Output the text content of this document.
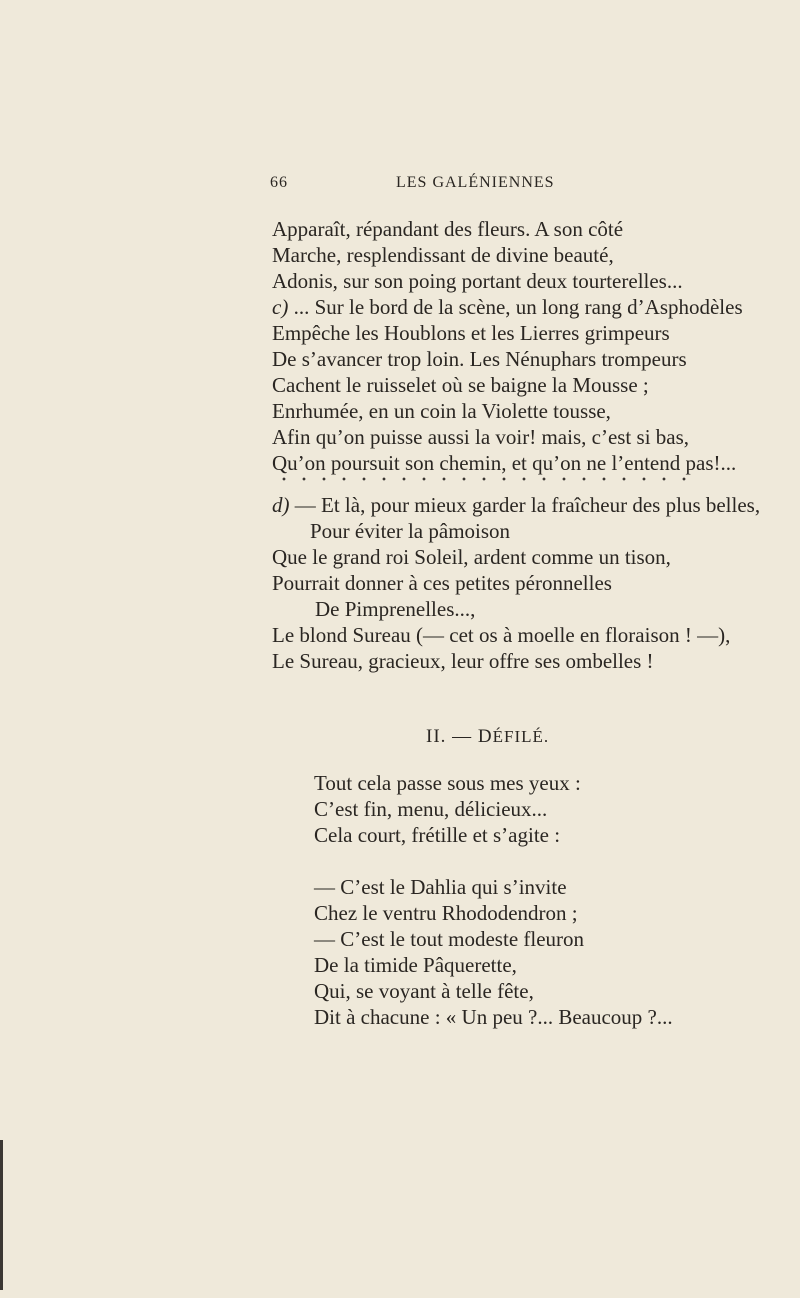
66	LES GALÉNIENNES
Apparaît, répandant des fleurs. A son côté
Marche, resplendissant de divine beauté,
Adonis, sur son poing portant deux tourterelles...
c) ... Sur le bord de la scène, un long rang d’Asphodèles
Empêche les Houblons et les Lierres grimpeurs
De s’avancer trop loin. Les Nénuphars trompeurs
Cachent le ruisselet où se baigne la Mousse ;
Enrhumée, en un coin la Violette tousse,
Afin qu’on puisse aussi la voir! mais, c’est si bas,
Qu’on poursuit son chemin, et qu’on ne l’entend pas!...
d) — Et là, pour mieux garder la fraîcheur des plus belles,
Pour éviter la pâmoison
Que le grand roi Soleil, ardent comme un tison,
Pourrait donner à ces petites péronnelles
De Pimprenelles...,
Le blond Sureau (— cet os à moelle en floraison ! —),
Le Sureau, gracieux, leur offre ses ombelles !
II. — DÉFILÉ.
Tout cela passe sous mes yeux :
C’est fin, menu, délicieux...
Cela court, frétille et s’agite :
— C’est le Dahlia qui s’invite
Chez le ventru Rhododendron ;
— C’est le tout modeste fleuron
De la timide Pâquerette,
Qui, se voyant à telle fête,
Dit à chacune : « Un peu ?... Beaucoup ?...
